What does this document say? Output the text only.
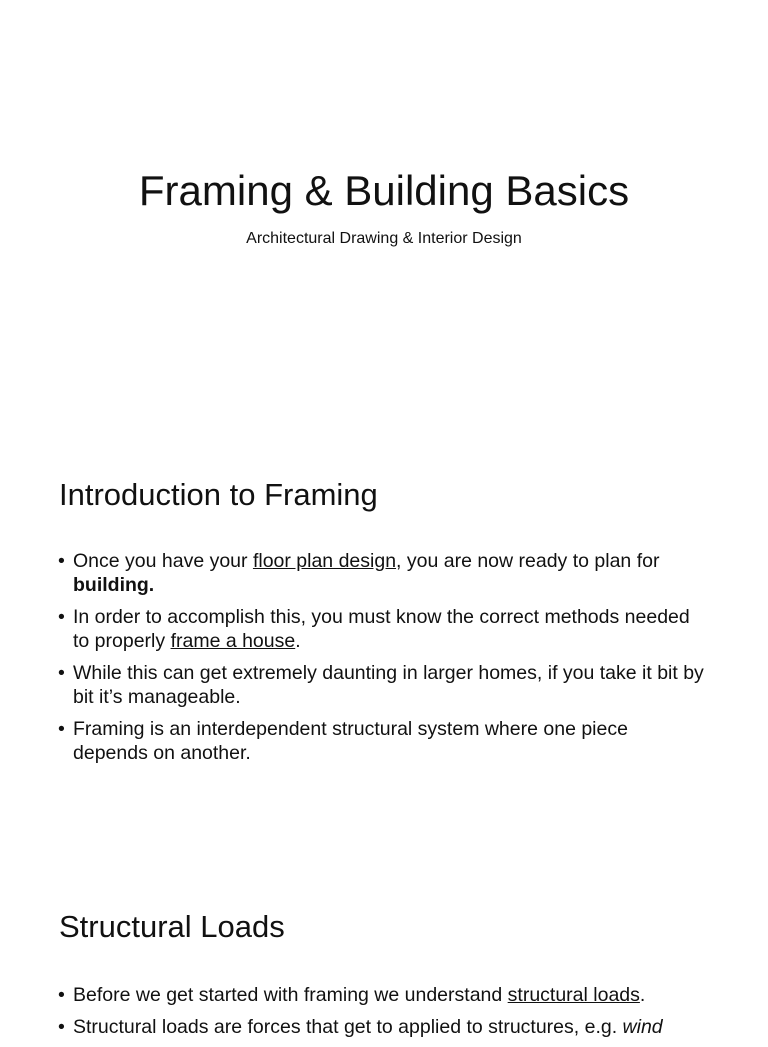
Framing & Building Basics

Architectural Drawing & Interior Design

Introduction to Framing
• Once you have your floor plan design, you are now ready to plan for building.
• In order to accomplish this, you must know the correct methods needed to properly frame a house.
• While this can get extremely daunting in larger homes, if you take it bit by bit it’s manageable.
• Framing is an interdependent structural system where one piece depends on another.
Structural Loads
• Before we get started with framing we understand structural loads.
• Structural loads are forces that get to applied to structures, e.g. wind
